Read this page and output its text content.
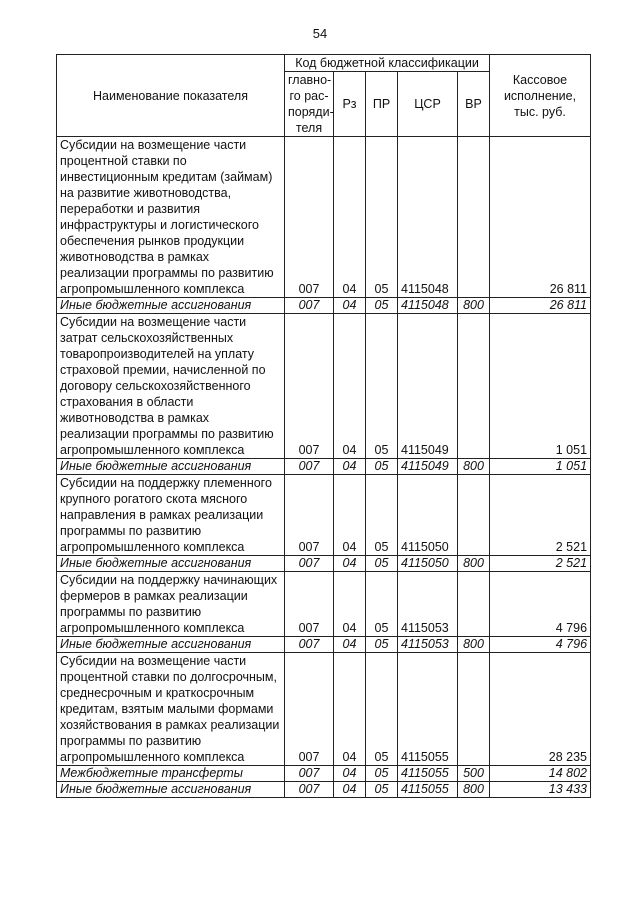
54
Наименование показателя	Код бюджетной классификации					Кассовое исполнение, тыс. руб.
	главно-го рас-поряди-теля	Рз	ПР	ЦСР	ВР	
Субсидии на возмещение части процентной ставки по инвестиционным кредитам (займам) на развитие животноводства, переработки и развития инфраструктуры и логистического обеспечения рынков продукции животноводства в рамках реализации программы по развитию агропромышленного комплекса	007	04	05	4115048		26 811
Иные бюджетные ассигнования	007	04	05	4115048	800	26 811
Субсидии на возмещение части затрат сельскохозяйственных товаропроизводителей на уплату страховой премии, начисленной по договору сельскохозяйственного страхования в области животноводства в рамках реализации программы по развитию агропромышленного комплекса	007	04	05	4115049		1 051
Иные бюджетные ассигнования	007	04	05	4115049	800	1 051
Субсидии на поддержку племенного крупного рогатого скота мясного направления в рамках реализации программы по развитию агропромышленного комплекса	007	04	05	4115050		2 521
Иные бюджетные ассигнования	007	04	05	4115050	800	2 521
Субсидии на поддержку начинающих фермеров в рамках реализации программы по развитию агропромышленного комплекса	007	04	05	4115053		4 796
Иные бюджетные ассигнования	007	04	05	4115053	800	4 796
Субсидии на возмещение части процентной ставки по долгосрочным, среднесрочным и краткосрочным кредитам, взятым малыми формами хозяйствования в рамках реализации программы по развитию агропромышленного комплекса	007	04	05	4115055		28 235
Межбюджетные трансферты	007	04	05	4115055	500	14 802
Иные бюджетные ассигнования	007	04	05	4115055	800	13 433
